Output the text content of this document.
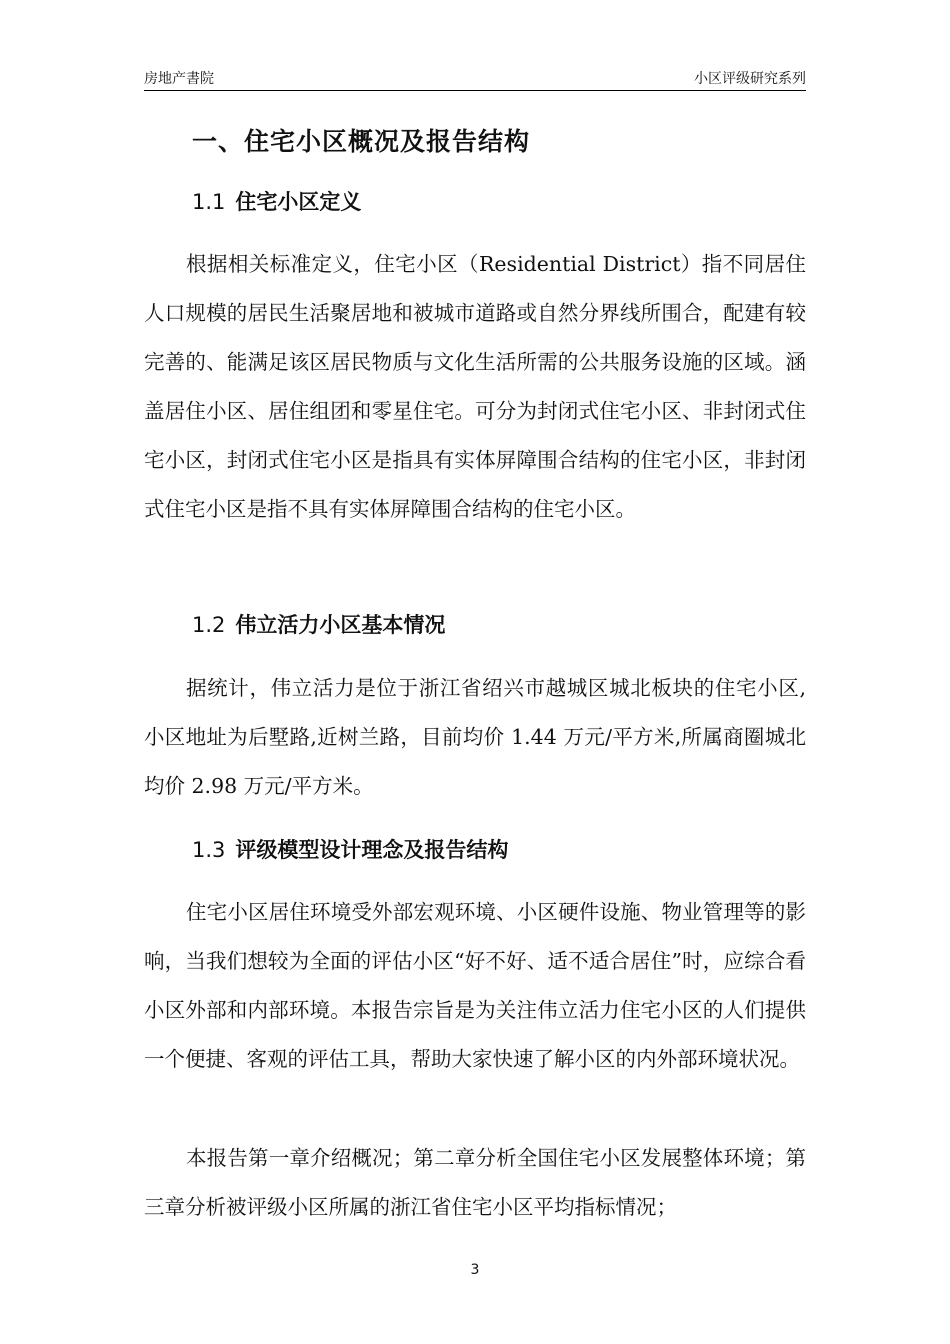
房地产書院	小区评级研究系列
一、住宅小区概况及报告结构
1.1 住宅小区定义

根据相关标准定义，住宅小区（Residential District）指不同居住人口规模的居民生活聚居地和被城市道路或自然分界线所围合，配建有较完善的、能满足该区居民物质与文化生活所需的公共服务设施的区域。涵盖居住小区、居住组团和零星住宅。可分为封闭式住宅小区、非封闭式住宅小区，封闭式住宅小区是指具有实体屏障围合结构的住宅小区，非封闭式住宅小区是指不具有实体屏障围合结构的住宅小区。

1.2 伟立活力小区基本情况

据统计，伟立活力是位于浙江省绍兴市越城区城北板块的住宅小区,小区地址为后墅路,近树兰路，目前均价 1.44 万元/平方米,所属商圈城北均价 2.98 万元/平方米。

1.3 评级模型设计理念及报告结构

住宅小区居住环境受外部宏观环境、小区硬件设施、物业管理等的影响，当我们想较为全面的评估小区“好不好、适不适合居住”时，应综合看小区外部和内部环境。本报告宗旨是为关注伟立活力住宅小区的人们提供一个便捷、客观的评估工具，帮助大家快速了解小区的内外部环境状况。

本报告第一章介绍概况；第二章分析全国住宅小区发展整体环境；第三章分析被评级小区所属的浙江省住宅小区平均指标情况；

3
